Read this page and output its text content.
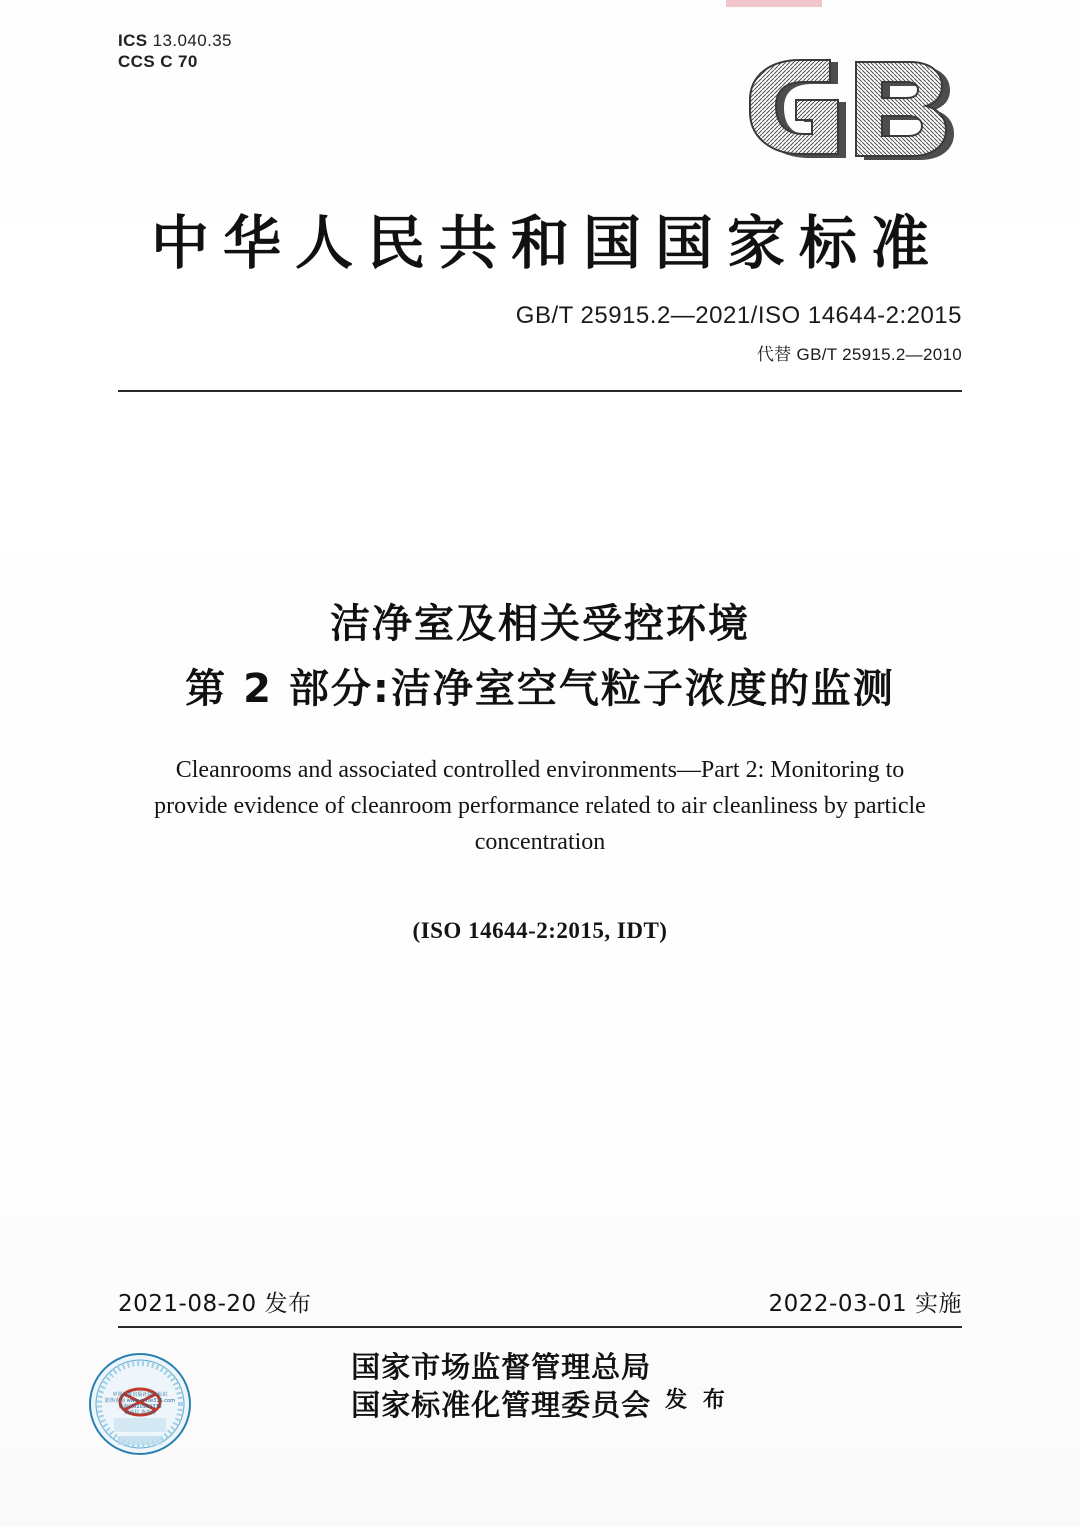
ICS 13.040.35
CCS C 70
中华人民共和国国家标准
GB/T 25915.2—2021/ISO 14644-2:2015
代替 GB/T 25915.2—2010
洁净室及相关受控环境
第 2 部分:洁净室空气粒子浓度的监测
Cleanrooms and associated controlled environments—Part 2: Monitoring to provide evidence of cleanroom performance related to air cleanliness by particle concentration
(ISO 14644-2:2015, IDT)
2021-08-20 发布	2022-03-01 实施
国家市场监督管理总局
国家标准化管理委员会 发 布
中国标准出版社防伪标识
防伪查询 www.cnhw315.com
查询码520962335
刮涂层 查真伪
